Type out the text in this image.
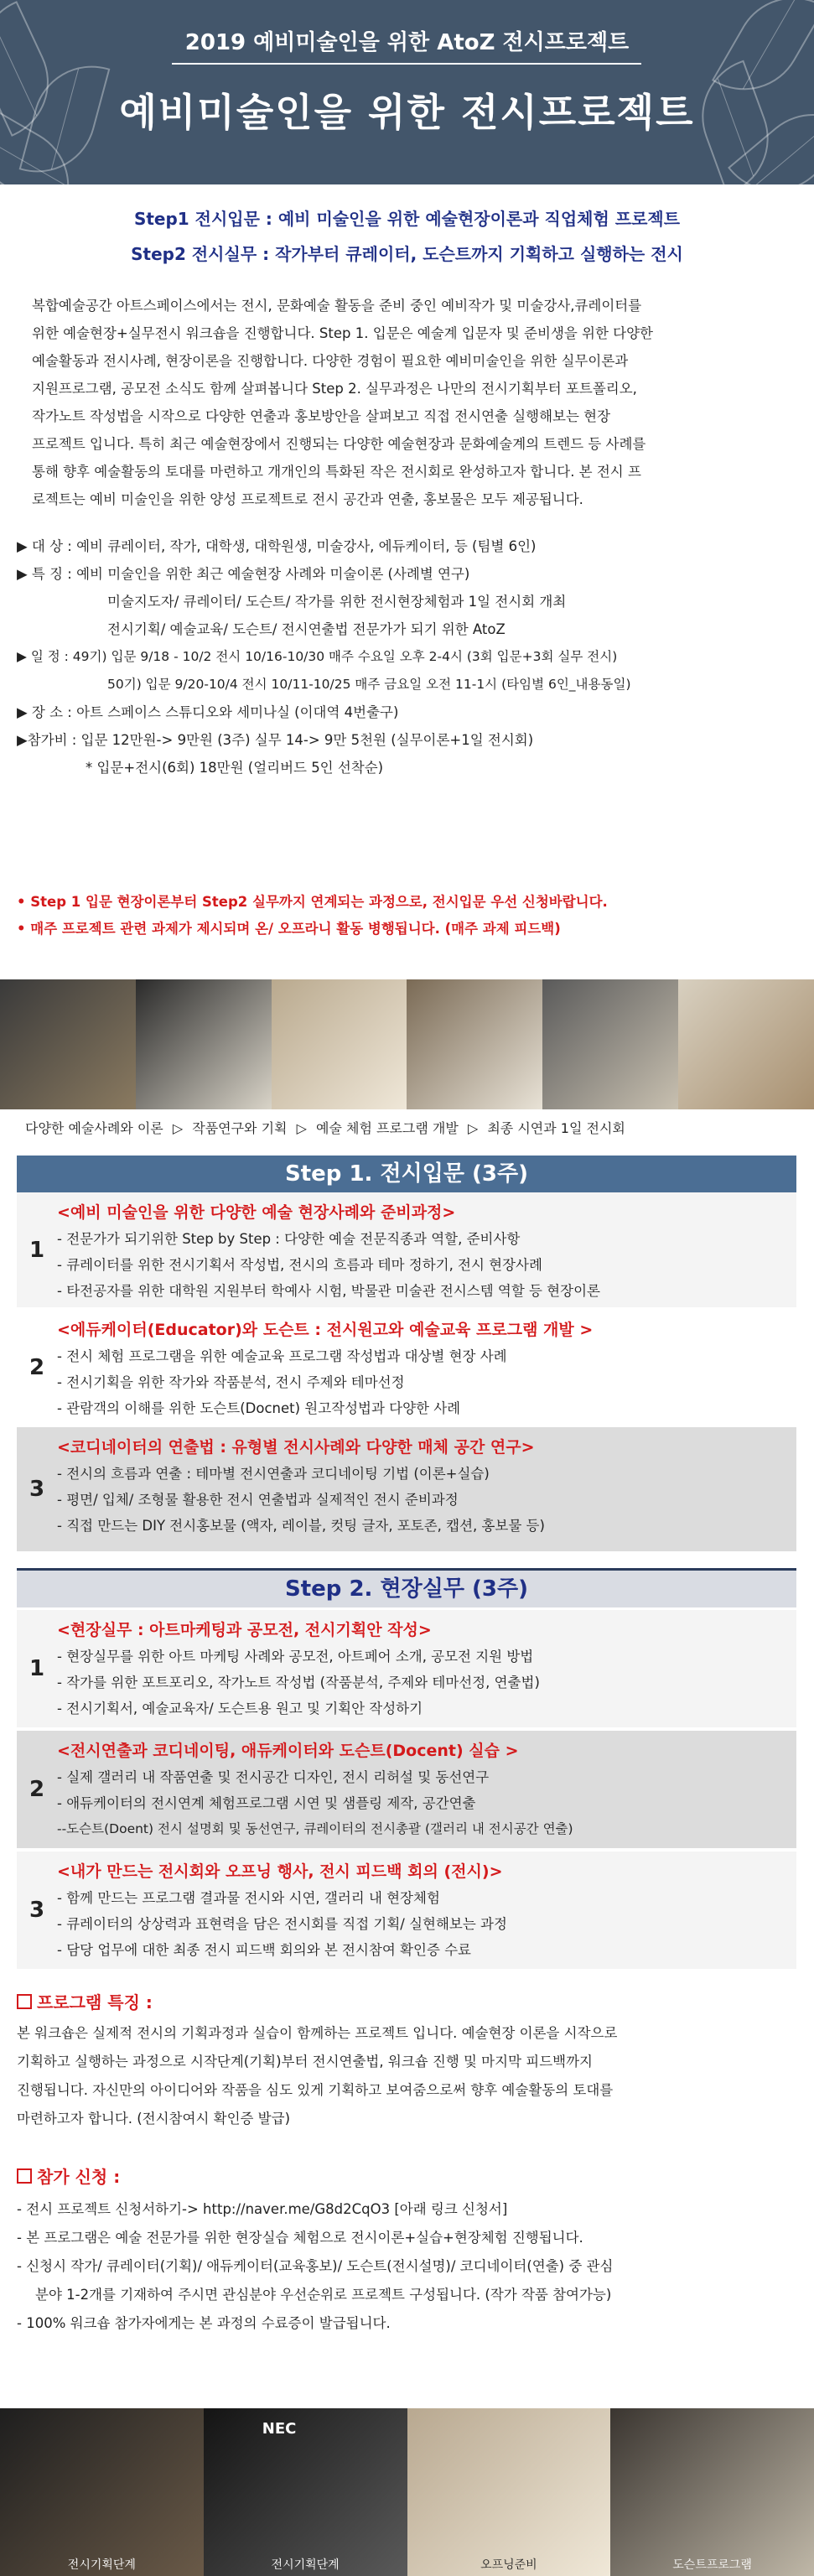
2019 예비미술인을 위한 AtoZ 전시프로젝트
예비미술인을 위한 전시프로젝트
Step1 전시입문 : 예비 미술인을 위한 예술현장이론과 직업체험 프로젝트
Step2 전시실무 : 작가부터 큐레이터, 도슨트까지 기획하고 실행하는 전시
복합예술공간 아트스페이스에서는 전시, 문화예술 활동을 준비 중인 예비작가 및 미술강사,큐레이터를
위한 예술현장+실무전시 워크숍을 진행합니다. Step 1. 입문은 예술계 입문자 및 준비생을 위한 다양한
예술활동과 전시사례, 현장이론을 진행합니다. 다양한 경험이 필요한 예비미술인을 위한 실무이론과
지원프로그램, 공모전 소식도 함께 살펴봅니다 Step 2. 실무과정은 나만의 전시기획부터 포트폴리오,
작가노트 작성법을 시작으로 다양한 연출과 홍보방안을 살펴보고 직접 전시연출 실행해보는 현장
프로젝트 입니다. 특히 최근 예술현장에서 진행되는 다양한 예술현장과 문화예술계의 트렌드 등 사례를
통해 향후 예술활동의 토대를 마련하고 개개인의 특화된 작은 전시회로 완성하고자 합니다. 본 전시 프
로젝트는 예비 미술인을 위한 양성 프로젝트로 전시 공간과 연출, 홍보물은 모두 제공됩니다.
▶ 대 상 : 예비 큐레이터, 작가, 대학생, 대학원생, 미술강사, 에듀케이터, 등 (팀별 6인)
▶ 특 징 : 예비 미술인을 위한 최근 예술현장 사례와 미술이론 (사례별 연구)
미술지도자/ 큐레이터/ 도슨트/ 작가를 위한 전시현장체험과 1일 전시회 개최
전시기획/ 예술교육/ 도슨트/ 전시연출법 전문가가 되기 위한 AtoZ
▶ 일 정 : 49기) 입문 9/18 - 10/2 전시 10/16-10/30 매주 수요일 오후 2-4시 (3회 입문+3회 실무 전시)
50기) 입문 9/20-10/4 전시 10/11-10/25 매주 금요일 오전 11-1시 (타임별 6인_내용동일)
▶ 장 소 : 아트 스페이스 스튜디오와 세미나실 (이대역 4번출구)
▶참가비 : 입문 12만원-> 9만원 (3주) 실무 14-> 9만 5천원 (실무이론+1일 전시회)
* 입문+전시(6회) 18만원 (얼리버드 5인 선착순)
• Step 1 입문 현장이론부터 Step2 실무까지 연계되는 과정으로, 전시입문 우선 신청바랍니다.
• 매주 프로젝트 관련 과제가 제시되며 온/ 오프라니 활동 병행됩니다. (매주 과제 피드백)
다양한 예술사례와 이론 ▷ 작품연구와 기획 ▷ 예술 체험 프로그램 개발 ▷ 최종 시연과 1일 전시회
Step 1. 전시입문 (3주)
1
<예비 미술인을 위한 다양한 예술 현장사례와 준비과정>
- 전문가가 되기위한 Step by Step : 다양한 예술 전문직종과 역할, 준비사항
- 큐레이터를 위한 전시기획서 작성법, 전시의 흐름과 테마 정하기, 전시 현장사례
- 타전공자를 위한 대학원 지원부터 학예사 시험, 박물관 미술관 전시스템 역할 등 현장이론
2
<에듀케이터(Educator)와 도슨트 : 전시원고와 예술교육 프로그램 개발 >
- 전시 체험 프로그램을 위한 예술교육 프로그램 작성법과 대상별 현장 사례
- 전시기획을 위한 작가와 작품분석, 전시 주제와 테마선정
- 관람객의 이해를 위한 도슨트(Docnet) 원고작성법과 다양한 사례
3
<코디네이터의 연출법 : 유형별 전시사례와 다양한 매체 공간 연구>
- 전시의 흐름과 연출 : 테마별 전시연출과 코디네이팅 기법 (이론+실습)
- 평면/ 입체/ 조형물 활용한 전시 연출법과 실제적인 전시 준비과정
- 직접 만드는 DIY 전시홍보물 (액자, 레이블, 컷팅 글자, 포토존, 캡션, 홍보물 등)
Step 2. 현장실무 (3주)
1
<현장실무 : 아트마케팅과 공모전, 전시기획안 작성>
- 현장실무를 위한 아트 마케팅 사례와 공모전, 아트페어 소개, 공모전 지원 방법
- 작가를 위한 포트포리오, 작가노트 작성법 (작품분석, 주제와 테마선정, 연출법)
- 전시기획서, 예술교육자/ 도슨트용 원고 및 기획안 작성하기
2
<전시연출과 코디네이팅, 애듀케이터와 도슨트(Docent) 실습 >
- 실제 갤러리 내 작품연출 및 전시공간 디자인, 전시 리허설 및 동선연구
- 애듀케이터의 전시연계 체험프로그램 시연 및 샘플링 제작, 공간연출
--도슨트(Doent) 전시 설명회 및 동선연구, 큐레이터의 전시총괄 (갤러리 내 전시공간 연출)
3
<내가 만드는 전시회와 오프닝 행사, 전시 피드백 회의 (전시)>
- 함께 만드는 프로그램 결과물 전시와 시연, 갤러리 내 현장체험
- 큐레이터의 상상력과 표현력을 담은 전시회를 직접 기획/ 실현해보는 과정
- 담당 업무에 대한 최종 전시 피드백 회의와 본 전시참여 확인증 수료
프로그램 특징 :
본 워크숍은 실제적 전시의 기획과정과 실습이 함께하는 프로젝트 입니다. 예술현장 이론을 시작으로
기획하고 실행하는 과정으로 시작단계(기획)부터 전시연출법, 워크숍 진행 및 마지막 피드백까지
진행됩니다. 자신만의 아이디어와 작품을 심도 있게 기획하고 보여줌으로써 향후 예술활동의 토대를
마련하고자 합니다. (전시참여시 확인증 발급)
참가 신청 :
- 전시 프로젝트 신청서하기-> http://naver.me/G8d2CqO3 [아래 링크 신청서]
- 본 프로그램은 예술 전문가를 위한 현장실습 체험으로 전시이론+실습+현장체험 진행됩니다.
- 신청시 작가/ 큐레이터(기획)/ 애듀케이터(교육홍보)/ 도슨트(전시설명)/ 코디네이터(연출) 중 관심
분야 1-2개를 기재하여 주시면 관심분야 우선순위로 프로젝트 구성됩니다. (작가 작품 참여가능)
- 100% 워크숍 참가자에게는 본 과정의 수료증이 발급됩니다.
전시기획단계
NEC
전시기획단계	오프닝준비	도슨트프로그램
